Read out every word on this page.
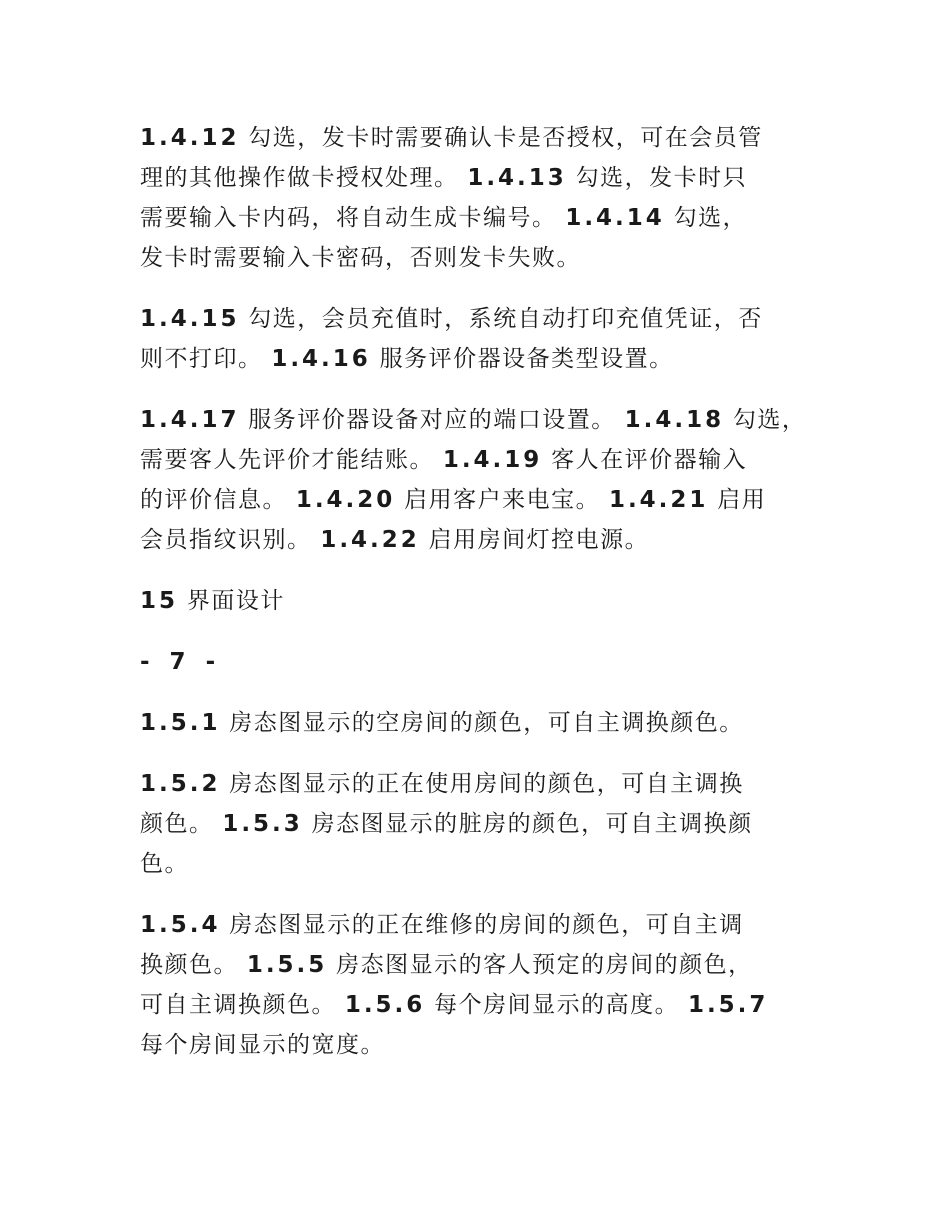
1.4.12 勾选，发卡时需要确认卡是否授权，可在会员管
理的其他操作做卡授权处理。 1.4.13 勾选，发卡时只
需要输入卡内码，将自动生成卡编号。 1.4.14 勾选，
发卡时需要输入卡密码，否则发卡失败。

1.4.15 勾选，会员充值时，系统自动打印充值凭证，否
则不打印。 1.4.16 服务评价器设备类型设置。

1.4.17 服务评价器设备对应的端口设置。 1.4.18 勾选，
需要客人先评价才能结账。 1.4.19 客人在评价器输入
的评价信息。 1.4.20 启用客户来电宝。 1.4.21 启用
会员指纹识别。 1.4.22 启用房间灯控电源。

15 界面设计

- 7 -

1.5.1 房态图显示的空房间的颜色，可自主调换颜色。

1.5.2 房态图显示的正在使用房间的颜色，可自主调换
颜色。 1.5.3 房态图显示的脏房的颜色，可自主调换颜
色。

1.5.4 房态图显示的正在维修的房间的颜色，可自主调
换颜色。 1.5.5 房态图显示的客人预定的房间的颜色，
可自主调换颜色。 1.5.6 每个房间显示的高度。 1.5.7
每个房间显示的宽度。
